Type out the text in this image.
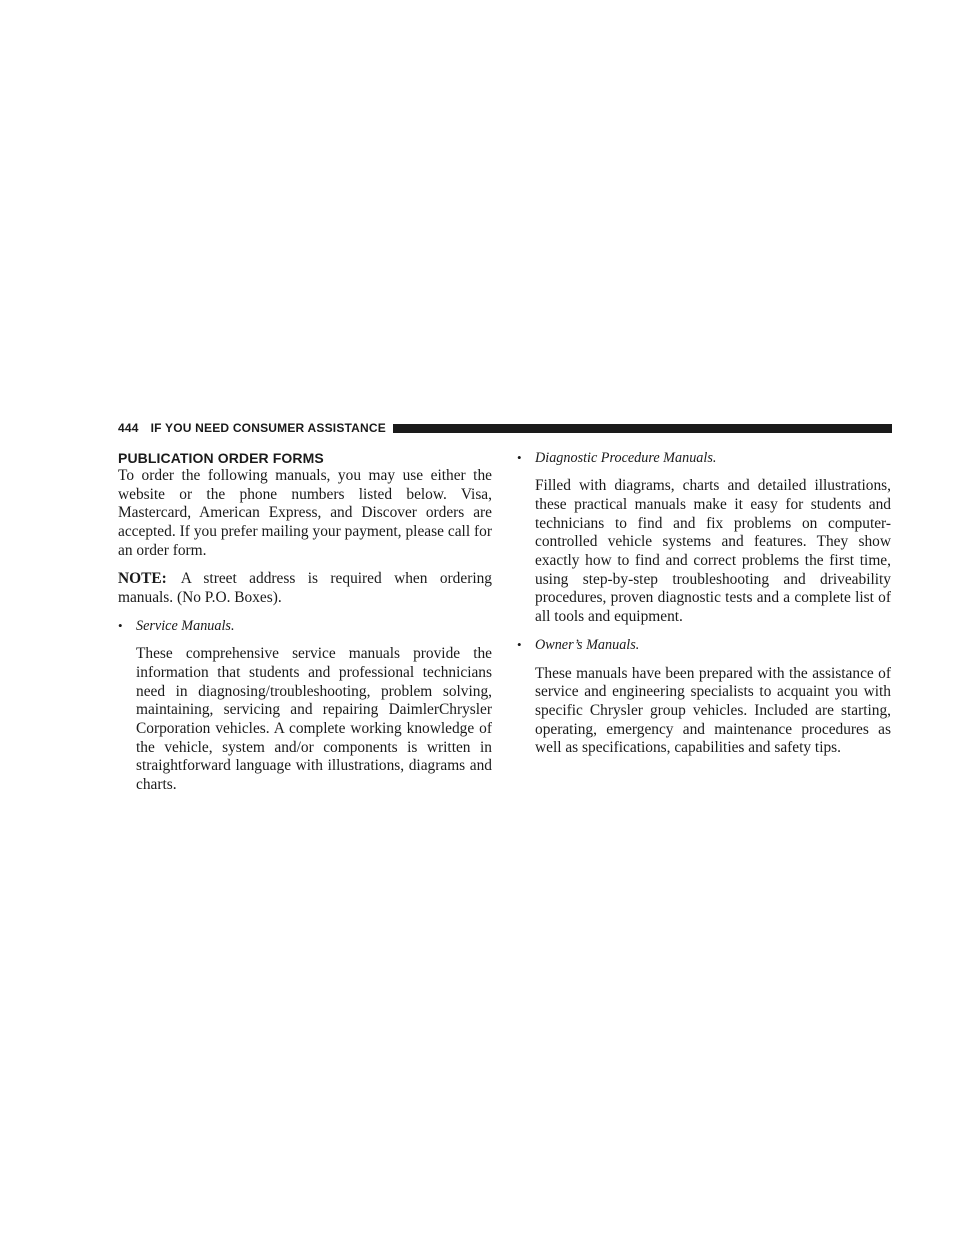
444 IF YOU NEED CONSUMER ASSISTANCE
PUBLICATION ORDER FORMS

To order the following manuals, you may use either the website or the phone numbers listed below. Visa, Mastercard, American Express, and Discover orders are accepted. If you prefer mailing your payment, please call for an order form.

NOTE: A street address is required when ordering manuals. (No P.O. Boxes).

• Service Manuals.

These comprehensive service manuals provide the information that students and professional technicians need in diagnosing/troubleshooting, problem solving, maintaining, servicing and repairing DaimlerChrysler Corporation vehicles. A complete working knowledge of the vehicle, system and/or components is written in straightforward language with illustrations, diagrams and charts.

• Diagnostic Procedure Manuals.

Filled with diagrams, charts and detailed illustrations, these practical manuals make it easy for students and technicians to find and fix problems on computer-controlled vehicle systems and features. They show exactly how to find and correct problems the first time, using step-by-step troubleshooting and driveability procedures, proven diagnostic tests and a complete list of all tools and equipment.

• Owner’s Manuals.

These manuals have been prepared with the assistance of service and engineering specialists to acquaint you with specific Chrysler group vehicles. Included are starting, operating, emergency and maintenance procedures as well as specifications, capabilities and safety tips.
